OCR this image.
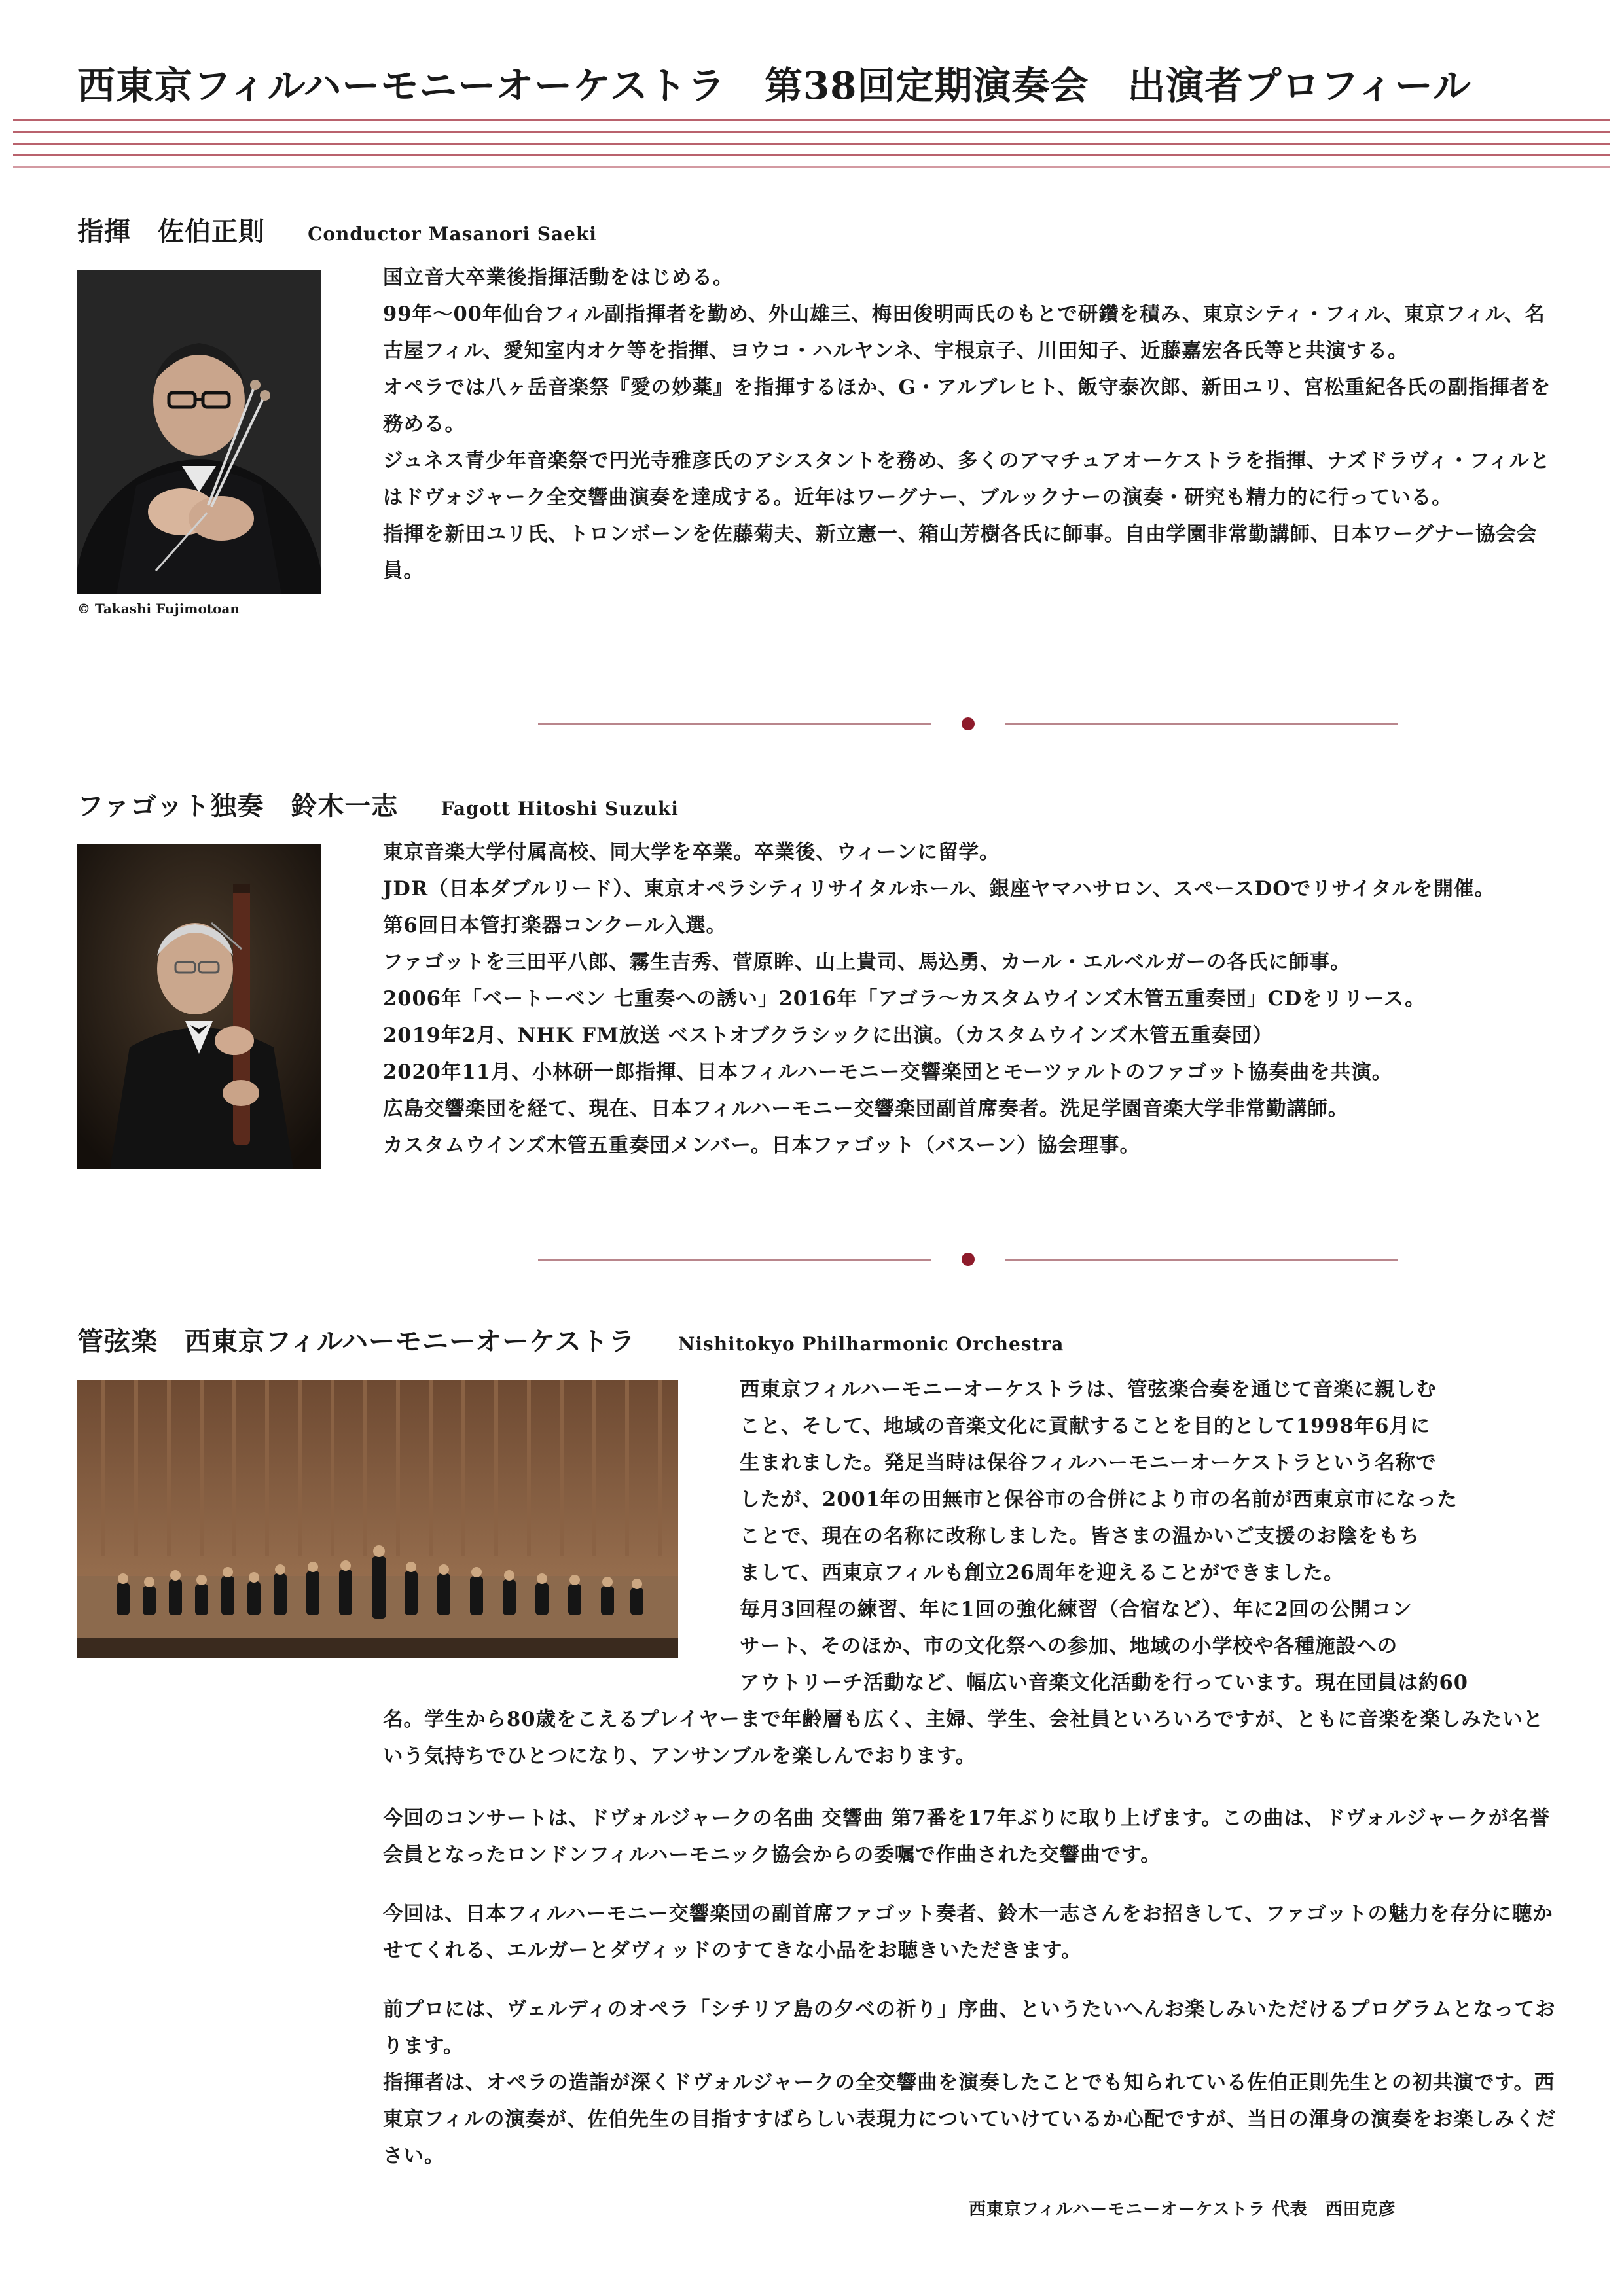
西東京フィルハーモニーオーケストラ　第38回定期演奏会　出演者プロフィール
指揮　佐伯正則 Conductor Masanori Saeki
© Takashi Fujimotoan

国立音大卒業後指揮活動をはじめる。

99年～00年仙台フィル副指揮者を勤め、外山雄三、梅田俊明両氏のもとで研鑽を積み、東京シティ・フィル、東京フィル、名古屋フィル、愛知室内オケ等を指揮、ヨウコ・ハルヤンネ、宇根京子、川田知子、近藤嘉宏各氏等と共演する。

オペラでは八ヶ岳音楽祭『愛の妙薬』を指揮するほか、G・アルブレヒト、飯守泰次郎、新田ユリ、宮松重紀各氏の副指揮者を務める。

ジュネス青少年音楽祭で円光寺雅彦氏のアシスタントを務め、多くのアマチュアオーケストラを指揮、ナズドラヴィ・フィルとはドヴォジャーク全交響曲演奏を達成する。近年はワーグナー、ブルックナーの演奏・研究も精力的に行っている。

指揮を新田ユリ氏、トロンボーンを佐藤菊夫、新立憲一、箱山芳樹各氏に師事。自由学園非常勤講師、日本ワーグナー協会会員。

ファゴット独奏　鈴木一志 Fagott Hitoshi Suzuki

東京音楽大学付属高校、同大学を卒業。卒業後、ウィーンに留学。

JDR（日本ダブルリード）、東京オペラシティリサイタルホール、銀座ヤマハサロン、スペースDOでリサイタルを開催。

第6回日本管打楽器コンクール入選。

ファゴットを三田平八郎、霧生吉秀、菅原眸、山上貴司、馬込勇、カール・エルベルガーの各氏に師事。

2006年「ベートーベン 七重奏への誘い」2016年「アゴラ～カスタムウインズ木管五重奏団」CDをリリース。

2019年2月、NHK FM放送 ベストオブクラシックに出演。（カスタムウインズ木管五重奏団）

2020年11月、小林研一郎指揮、日本フィルハーモニー交響楽団とモーツァルトのファゴット協奏曲を共演。

広島交響楽団を経て、現在、日本フィルハーモニー交響楽団副首席奏者。洗足学園音楽大学非常勤講師。

カスタムウインズ木管五重奏団メンバー。日本ファゴット（バスーン）協会理事。

管弦楽　西東京フィルハーモニーオーケストラ Nishitokyo Philharmonic Orchestra

西東京フィルハーモニーオーケストラは、管弦楽合奏を通じて音楽に親しむ

こと、そして、地域の音楽文化に貢献することを目的として1998年6月に

生まれました。発足当時は保谷フィルハーモニーオーケストラという名称で

したが、2001年の田無市と保谷市の合併により市の名前が西東京市になった

ことで、現在の名称に改称しました。皆さまの温かいご支援のお陰をもち

まして、西東京フィルも創立26周年を迎えることができました。

毎月3回程の練習、年に1回の強化練習（合宿など）、年に2回の公開コン

サート、そのほか、市の文化祭への参加、地域の小学校や各種施設への

アウトリーチ活動など、幅広い音楽文化活動を行っています。現在団員は約60

名。学生から80歳をこえるプレイヤーまで年齢層も広く、主婦、学生、会社員といろいろですが、ともに音楽を楽しみたいという気持ちでひとつになり、アンサンブルを楽しんでおります。
今回のコンサートは、ドヴォルジャークの名曲 交響曲 第7番を17年ぶりに取り上げます。この曲は、ドヴォルジャークが名誉会員となったロンドンフィルハーモニック協会からの委嘱で作曲された交響曲です。
今回は、日本フィルハーモニー交響楽団の副首席ファゴット奏者、鈴木一志さんをお招きして、ファゴットの魅力を存分に聴かせてくれる、エルガーとダヴィッドのすてきな小品をお聴きいただきます。

前プロには、ヴェルディのオペラ「シチリア島の夕べの祈り」序曲、というたいへんお楽しみいただけるプログラムとなっております。

指揮者は、オペラの造詣が深くドヴォルジャークの全交響曲を演奏したことでも知られている佐伯正則先生との初共演です。西東京フィルの演奏が、佐伯先生の目指すすばらしい表現力についていけているか心配ですが、当日の渾身の演奏をお楽しみください。

西東京フィルハーモニーオーケストラ 代表　西田克彦
